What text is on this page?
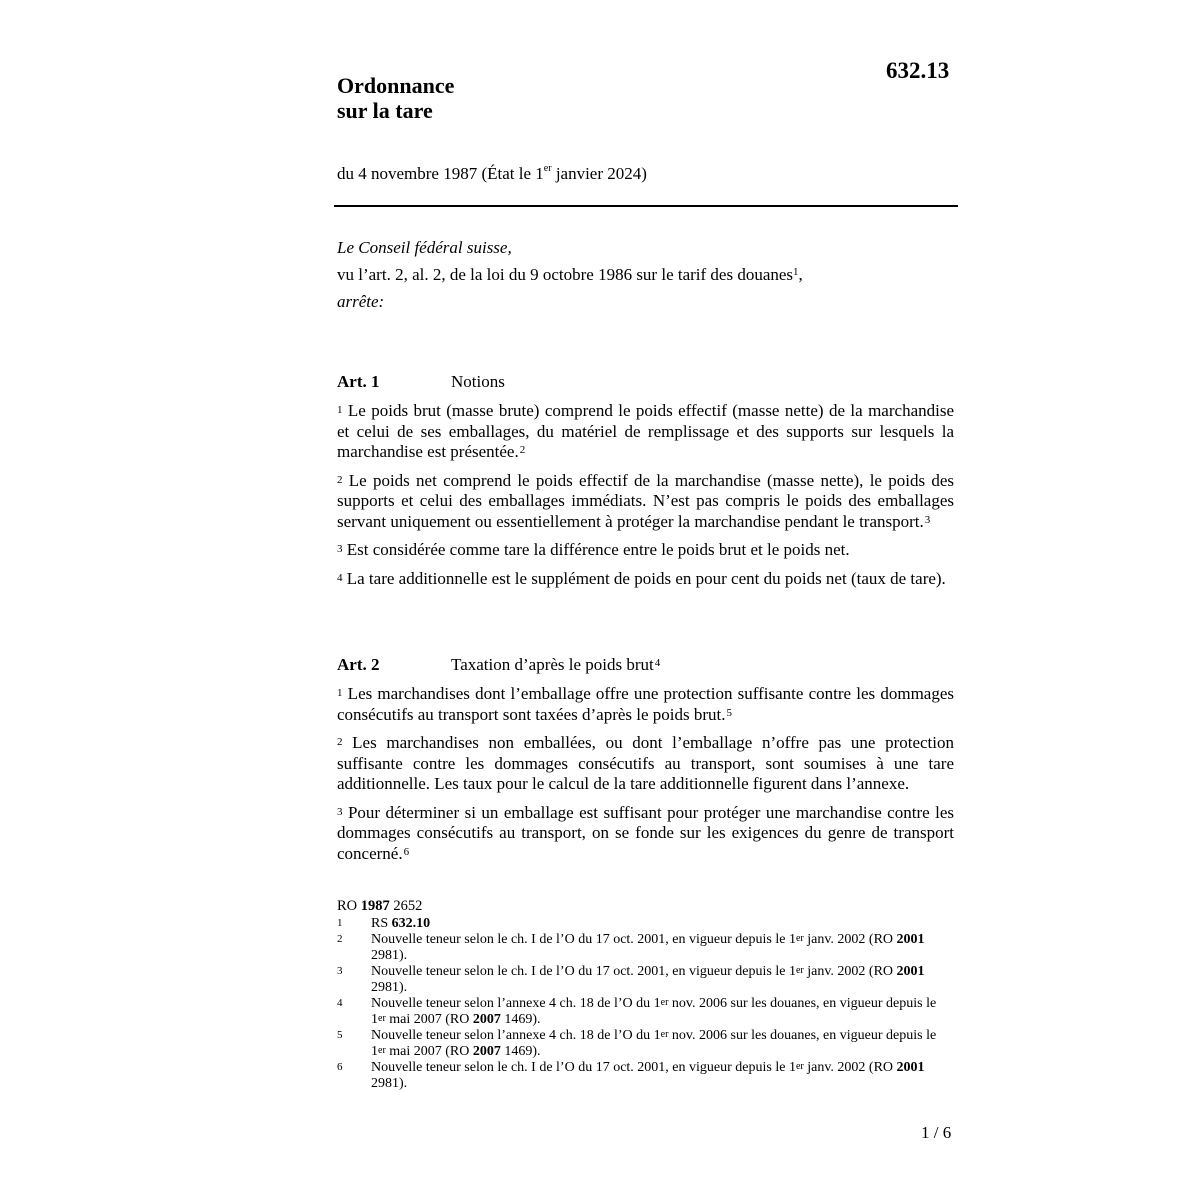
632.13
Ordonnance
sur la tare
du 4 novembre 1987 (État le 1er janvier 2024)
Le Conseil fédéral suisse,
vu l’art. 2, al. 2, de la loi du 9 octobre 1986 sur le tarif des douanes$^1$,
arrête:
Art. 1	Notions
$^1$ Le poids brut (masse brute) comprend le poids effectif (masse nette) de la marchandise et celui de ses emballages, du matériel de remplissage et des supports sur lesquels la marchandise est présentée.$^2$
$^2$ Le poids net comprend le poids effectif de la marchandise (masse nette), le poids des supports et celui des emballages immédiats. N’est pas compris le poids des emballages servant uniquement ou essentiellement à protéger la marchandise pendant le transport.$^3$
$^3$ Est considérée comme tare la différence entre le poids brut et le poids net.
$^4$ La tare additionnelle est le supplément de poids en pour cent du poids net (taux de tare).
Art. 2	Taxation d’après le poids brut$^4$
$^1$ Les marchandises dont l’emballage offre une protection suffisante contre les dommages consécutifs au transport sont taxées d’après le poids brut.$^5$
$^2$ Les marchandises non emballées, ou dont l’emballage n’offre pas une protection suffisante contre les dommages consécutifs au transport, sont soumises à une tare additionnelle. Les taux pour le calcul de la tare additionnelle figurent dans l’annexe.
$^3$ Pour déterminer si un emballage est suffisant pour protéger une marchandise contre les dommages consécutifs au transport, on se fonde sur les exigences du genre de transport concerné.$^6$
RO 1987 2652
1	RS 632.10
2	Nouvelle teneur selon le ch. I de l’O du 17 oct. 2001, en vigueur depuis le 1er janv. 2002 (RO 2001 2981).
3	Nouvelle teneur selon le ch. I de l’O du 17 oct. 2001, en vigueur depuis le 1er janv. 2002 (RO 2001 2981).
4	Nouvelle teneur selon l’annexe 4 ch. 18 de l’O du 1er nov. 2006 sur les douanes, en vigueur depuis le 1er mai 2007 (RO 2007 1469).
5	Nouvelle teneur selon l’annexe 4 ch. 18 de l’O du 1er nov. 2006 sur les douanes, en vigueur depuis le 1er mai 2007 (RO 2007 1469).
6	Nouvelle teneur selon le ch. I de l’O du 17 oct. 2001, en vigueur depuis le 1er janv. 2002 (RO 2001 2981).
1 / 6
